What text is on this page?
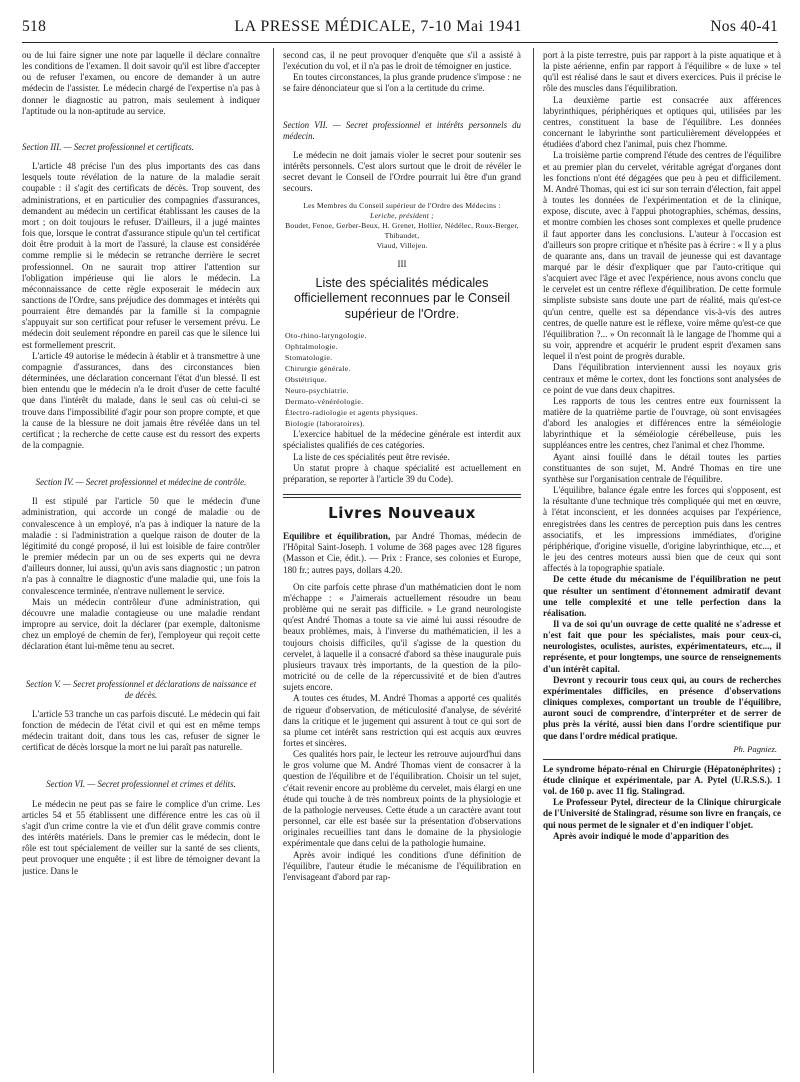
518	LA PRESSE MÉDICALE, 7-10 Mai 1941	Nos 40-41

ou de lui faire signer une note par laquelle il déclare connaître les conditions de l'examen. Il doit savoir qu'il est libre d'accepter ou de refuser l'examen, ou encore de demander à un autre médecin de l'assister. Le médecin chargé de l'expertise n'a pas à donner le diagnostic au patron, mais seulement à indiquer l'aptitude ou la non-aptitude au service.

Section III. — Secret professionnel et certificats.

L'article 48 précise l'un des plus importants des cas dans lesquels toute révélation de la nature de la maladie serait coupable : il s'agit des certificats de décès. Trop souvent, des administrations, et en particulier des compagnies d'assurances, demandent au médecin un certificat établissant les causes de la mort ; on doit toujours le refuser. D'ailleurs, il a jugé maintes fois que, lorsque le contrat d'assurance stipule qu'un tel certificat doit être produit à la mort de l'assuré, la clause est considérée comme remplie si le médecin se retranche derrière le secret professionnel. On ne saurait trop attirer l'attention sur l'obligation impérieuse qui lie alors le médecin. La méconnaissance de cette règle exposerait le médecin aux sanctions de l'Ordre, sans préjudice des dommages et intérêts qui pourraient être demandés par la famille si la compagnie s'appuyait sur son certificat pour refuser le versement prévu. Le médecin doit seulement répondre en pareil cas que le silence lui est formellement prescrit.

L'article 49 autorise le médecin à établir et à transmettre à une compagnie d'assurances, dans des circonstances bien déterminées, une déclaration concernant l'état d'un blessé. Il est bien entendu que le médecin n'a le droit d'user de cette faculté que dans l'intérêt du malade, dans le seul cas où celui-ci se trouve dans l'impossibilité d'agir pour son propre compte, et que la cause de la blessure ne doit jamais être révélée dans un tel certificat ; la recherche de cette cause est du ressort des experts de la compagnie.

Section IV. — Secret professionnel et médecine de contrôle.

Il est stipulé par l'article 50 que le médecin d'une administration, qui accorde un congé de maladie ou de convalescence à un employé, n'a pas à indiquer la nature de la maladie : si l'administration a quelque raison de douter de la légitimité du congé proposé, il lui est loisible de faire contrôler le premier médecin par un ou de ses experts qui ne devra d'ailleurs donner, lui aussi, qu'un avis sans diagnostic ; un patron n'a pas à connaître le diagnostic d'une maladie qui, une fois la convalescence terminée, n'entrave nullement le service.

Mais un médecin contrôleur d'une administration, qui découvre une maladie contagieuse ou une maladie rendant impropre au service, doit la déclarer (par exemple, daltonisme chez un employé de chemin de fer), l'employeur qui reçoit cette déclaration étant lui-même tenu au secret.

Section V. — Secret professionnel et déclarations de naissance et de décès.

L'article 53 tranche un cas parfois discuté. Le médecin qui fait fonction de médecin de l'état civil et qui est en même temps médecin traitant doit, dans tous les cas, refuser de signer le certificat de décès lorsque la mort ne lui paraît pas naturelle.

Section VI. — Secret professionnel et crimes et délits.

Le médecin ne peut pas se faire le complice d'un crime. Les articles 54 et 55 établissent une différence entre les cas où il s'agit d'un crime contre la vie et d'un délit grave commis contre des intérêts matériels. Dans le premier cas le médecin, dont le rôle est tout spécialement de veiller sur la santé de ses clients, peut provoquer une enquête ; il est libre de témoigner devant la justice. Dans le

second cas, il ne peut provoquer d'enquête que s'il a assisté à l'exécution du vol, et il n'a pas le droit de témoigner en justice.

En toutes circonstances, la plus grande prudence s'impose : ne se faire dénonciateur que si l'on a la certitude du crime.

Section VII. — Secret professionnel et intérêts personnels du médecin.

Le médecin ne doit jamais violer le secret pour soutenir ses intérêts personnels. C'est alors surtout que le droit de révéler le secret devant le Conseil de l'Ordre pourrait lui être d'un grand secours.

Les Membres du Conseil supérieur de l'Ordre des Médecins :
Leriche, président ;
Boudet, Fenoe, Gerber-Beux, H. Grenet, Hollier, Nédélec, Roux-Berger, Thibaudet,
Viaud, Villejeu.

III

Liste des spécialités médicales officiellement reconnues par le Conseil supérieur de l'Ordre.

Oto-rhino-laryngologie.
Ophtalmologie.
Stomatologie.
Chirurgie générale.
Obstétrique.
Neuro-psychiatrie.
Dermato-vénéréologie.
Électro-radiologie et agents physiques.
Biologie (laboratoires).

L'exercice habituel de la médecine générale est interdit aux spécialistes qualifiés de ces catégories.

La liste de ces spécialités peut être revisée.

Un statut propre à chaque spécialité est actuellement en préparation, se reporter à l'article 39 du Code).

Livres Nouveaux

Equilibre et équilibration, par André Thomas, médecin de l'Hôpital Saint-Joseph. 1 volume de 368 pages avec 128 figures (Masson et Cie, édit.). — Prix : France, ses colonies et Europe, 180 fr.; autres pays, dollars 4.20.

On cite parfois cette phrase d'un mathématicien dont le nom m'échappe : « J'aimerais actuellement résoudre un beau problème qui ne serait pas difficile. » Le grand neurologiste qu'est André Thomas a toute sa vie aimé lui aussi résoudre de beaux problèmes, mais, à l'inverse du mathématicien, il les a toujours choisis difficiles, qu'il s'agisse de la question du cervelet, à laquelle il a consacré d'abord sa thèse inaugurale puis plusieurs travaux très importants, de la question de la pilo-motricité ou de celle de la répercussivité et de bien d'autres sujets encore.

A toutes ces études, M. André Thomas a apporté ces qualités de rigueur d'observation, de méticulosité d'analyse, de sévérité dans la critique et le jugement qui assurent à tout ce qui sort de sa plume cet intérêt sans restriction qui est acquis aux œuvres fortes et sincères.

Ces qualités hors pair, le lecteur les retrouve aujourd'hui dans le gros volume que M. André Thomas vient de consacrer à la question de l'équilibre et de l'équilibration. Choisir un tel sujet, c'était revenir encore au problème du cervelet, mais élargi en une étude qui touche à de très nombreux points de la physiologie et de la pathologie nerveuses. Cette étude a un caractère avant tout personnel, car elle est basée sur la présentation d'observations originales recueillies tant dans le domaine de la physiologie expérimentale que dans celui de la pathologie humaine.

Après avoir indiqué les conditions d'une définition de l'équilibre, l'auteur étudie le mécanisme de l'équilibration en l'envisageant d'abord par rap-

port à la piste terrestre, puis par rapport à la piste aquatique et à la piste aérienne, enfin par rapport à l'équilibre « de luxe » tel qu'il est réalisé dans le saut et divers exercices. Puis il précise le rôle des muscles dans l'équilibration.

La deuxième partie est consacrée aux afférences labyrinthiques, périphériques et optiques qui, utilisées par les centres, constituent la base de l'équilibre. Les données concernant le labyrinthe sont particulièrement développées et étudiées d'abord chez l'animal, puis chez l'homme.

La troisième partie comprend l'étude des centres de l'équilibre et au premier plan du cervelet, véritable agrégat d'organes dont les fonctions n'ont été dégagées que peu à peu et difficilement. M. André Thomas, qui est ici sur son terrain d'élection, fait appel à toutes les données de l'expérimentation et de la clinique, expose, discute, avec à l'appui photographies, schémas, dessins, et montre combien les choses sont complexes et quelle prudence il faut apporter dans les conclusions. L'auteur à l'occasion est d'ailleurs son propre critique et n'hésite pas à écrire : « Il y a plus de quarante ans, dans un travail de jeunesse qui est davantage marqué par le désir d'expliquer que par l'auto-critique qui s'acquiert avec l'âge et avec l'expérience, nous avons conclu que le cervelet est un centre réflexe d'équilibration. De cette formule simpliste subsiste sans doute une part de réalité, mais qu'est-ce qu'un centre, quelle est sa dépendance vis-à-vis des autres centres, de quelle nature est le réflexe, voire même qu'est-ce que l'équilibration ?... » On reconnaît là le langage de l'homme qui a su voir, apprendre et acquérir le prudent esprit d'examen sans lequel il n'est point de progrès durable.

Dans l'équilibration interviennent aussi les noyaux gris centraux et même le cortex, dont les fonctions sont analysées de ce point de vue dans deux chapitres.

Les rapports de tous les centres entre eux fournissent la matière de la quatrième partie de l'ouvrage, où sont envisagées d'abord les analogies et différences entre la séméiologie labyrinthique et la séméiologie cérébelleuse, puis les suppléances entre les centres, chez l'animal et chez l'homme.

Ayant ainsi fouillé dans le détail toutes les parties constituantes de son sujet, M. André Thomas en tire une synthèse sur l'organisation centrale de l'équilibre.

L'équilibre, balance égale entre les forces qui s'opposent, est la résultante d'une technique très compliquée qui met en œuvre, à l'état inconscient, et les données acquises par l'expérience, enregistrées dans les centres de perception puis dans les centres associatifs, et les impressions immédiates, d'origine périphérique, d'origine visuelle, d'origine labyrinthique, etc..., et le jeu des centres moteurs aussi bien que de ceux qui sont affectés à la topographie spatiale.

De cette étude du mécanisme de l'équilibration ne peut que résulter un sentiment d'étonnement admiratif devant une telle complexité et une telle perfection dans la réalisation.

Il va de soi qu'un ouvrage de cette qualité ne s'adresse et n'est fait que pour les spécialistes, mais pour ceux-ci, neurologistes, oculistes, auristes, expérimentateurs, etc..., il représente, et pour longtemps, une source de renseignements d'un intérêt capital.

Devront y recourir tous ceux qui, au cours de recherches expérimentales difficiles, en présence d'observations cliniques complexes, comportant un trouble de l'équilibre, auront souci de comprendre, d'interpréter et de serrer de plus près la vérité, aussi bien dans l'ordre scientifique pur que dans l'ordre médical pratique.

Ph. Pagniez.

Le syndrome hépato-rénal en Chirurgie (Hépatonéphrites) ; étude clinique et expérimentale, par A. Pytel (U.R.S.S.). 1 vol. de 160 p. avec 11 fig. Stalingrad.

Le Professeur Pytel, directeur de la Clinique chirurgicale de l'Université de Stalingrad, résume son livre en français, ce qui nous permet de le signaler et d'en indiquer l'objet.

Après avoir indiqué le mode d'apparition des
